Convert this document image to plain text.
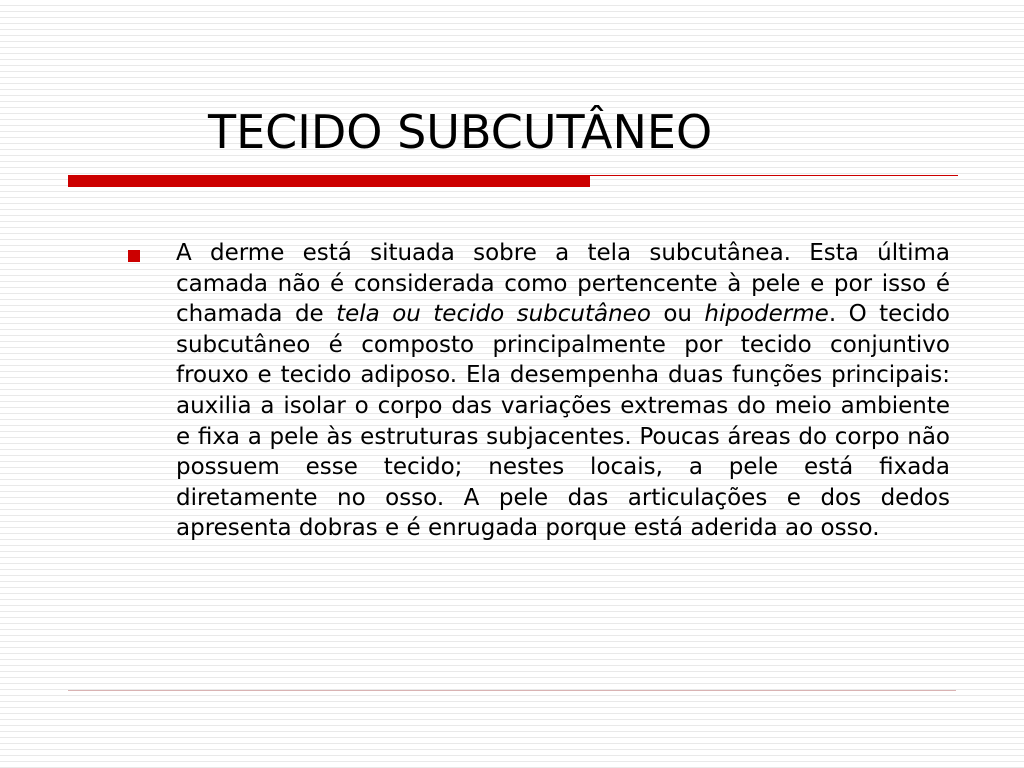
TECIDO SUBCUTÂNEO

A derme está situada sobre a tela subcutânea. Esta última camada não é considerada como pertencente à pele e por isso é chamada de tela ou tecido subcutâneo ou hipoderme. O tecido subcutâneo é composto principalmente por tecido conjuntivo frouxo e tecido adiposo. Ela desempenha duas funções principais: auxilia a isolar o corpo das variações extremas do meio ambiente e fixa a pele às estruturas subjacentes. Poucas áreas do corpo não possuem esse tecido; nestes locais, a pele está fixada diretamente no osso. A pele das articulações e dos dedos apresenta dobras e é enrugada porque está aderida ao osso.
